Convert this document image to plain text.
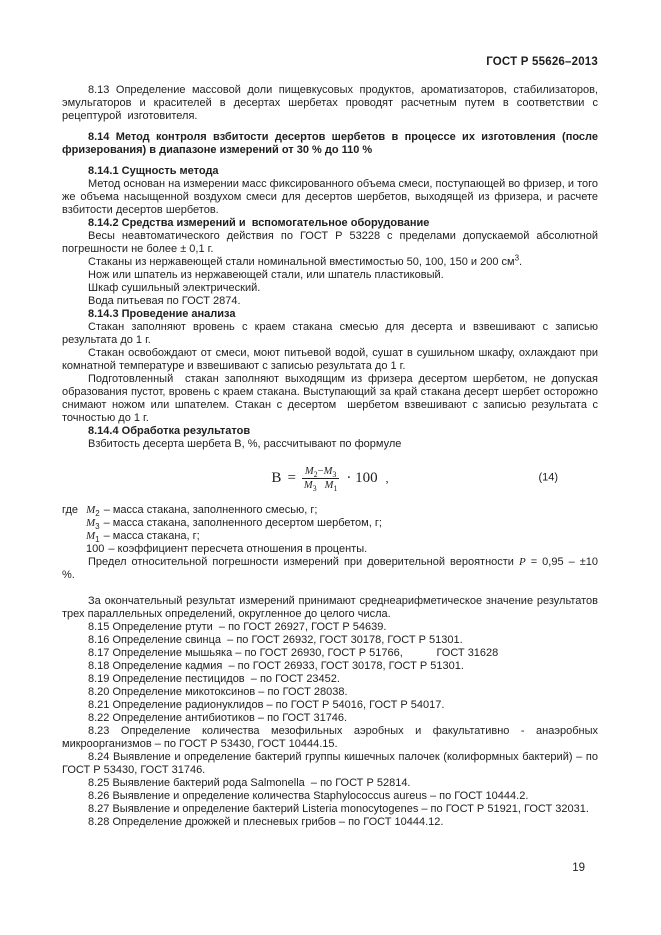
ГОСТ Р 55626–2013

8.13 Определение массовой доли пищевкусовых продуктов, ароматизаторов, стабилизаторов, эмульгаторов и красителей в десертах шербетах проводят расчетным путем в соответствии с рецептурой  изготовителя.

8.14 Метод контроля взбитости десертов шербетов в процессе их изготовления (после фризерования) в диапазоне измерений от 30 % до 110 %

8.14.1 Сущность метода

Метод основан на измерении масс фиксированного объема смеси, поступающей во фризер, и того же объема насыщенной воздухом смеси для десертов шербетов, выходящей из фризера, и расчете взбитости десертов шербетов.

8.14.2 Средства измерений и  вспомогательное оборудование

Весы неавтоматического действия по ГОСТ Р 53228 с пределами допускаемой абсолютной погрешности не более ± 0,1 г.

Стаканы из нержавеющей стали номинальной вместимостью 50, 100, 150 и 200 $см^3$.

Нож или шпатель из нержавеющей стали, или шпатель пластиковый.

Шкаф сушильный электрический.

Вода питьевая по ГОСТ 2874.

8.14.3 Проведение анализа

Стакан заполняют вровень с краем стакана смесью для десерта и взвешивают с записью результата до 1 г.

Стакан освобождают от смеси, моют питьевой водой, сушат в сушильном шкафу, охлаждают при комнатной температуре и взвешивают с записью результата до 1 г.

Подготовленный  стакан заполняют выходящим из фризера десертом шербетом, не допуская образования пустот, вровень с краем стакана. Выступающий за край стакана десерт шербет осторожно снимают ножом или шпателем. Стакан с десертом  шербетом взвешивают с записью результата с точностью до 1 г.

8.14.4 Обработка результатов

Взбитость десерта шербета В, %, рассчитывают по формуле

$B = \frac{M_2-M_3}{M_3 M_1} \cdot 100$ ,	(14)
где $M_2$ – масса стакана, заполненного смесью, г;
$M_3$ – масса стакана, заполненного десертом шербетом, г;
$M_1$ – масса стакана, г;
100 – коэффициент пересчета отношения в проценты.

Предел относительной погрешности измерений при доверительной вероятности P = 0,95 – ±10

%.

За окончательный результат измерений принимают среднеарифметическое значение результатов трех параллельных определений, округленное до целого числа.

8.15 Определение ртути  – по ГОСТ 26927, ГОСТ Р 54639.
8.16 Определение свинца  – по ГОСТ 26932, ГОСТ 30178, ГОСТ Р 51301.
8.17 Определение мышьяка – по ГОСТ 26930, ГОСТ Р 51766,           ГОСТ 31628
8.18 Определение кадмия  – по ГОСТ 26933, ГОСТ 30178, ГОСТ Р 51301.
8.19 Определение пестицидов  – по ГОСТ 23452.
8.20 Определение микотоксинов – по ГОСТ 28038.
8.21 Определение радионуклидов – по ГОСТ Р 54016, ГОСТ Р 54017.
8.22 Определение антибиотиков – по ГОСТ 31746.
8.23 Определение количества мезофильных аэробных и факультативно - анаэробных микроорганизмов – по ГОСТ Р 53430, ГОСТ 10444.15.
8.24 Выявление и определение бактерий группы кишечных палочек (колиформных бактерий) – по ГОСТ Р 53430, ГОСТ 31746.
8.25 Выявление бактерий рода Salmonella  – по ГОСТ Р 52814.
8.26 Выявление и определение количества Staphylococcus aureus – по ГОСТ 10444.2.
8.27 Выявление и определение бактерий Listeria monocytogenes – по ГОСТ Р 51921, ГОСТ 32031.
8.28 Определение дрожжей и плесневых грибов – по ГОСТ 10444.12.
19
